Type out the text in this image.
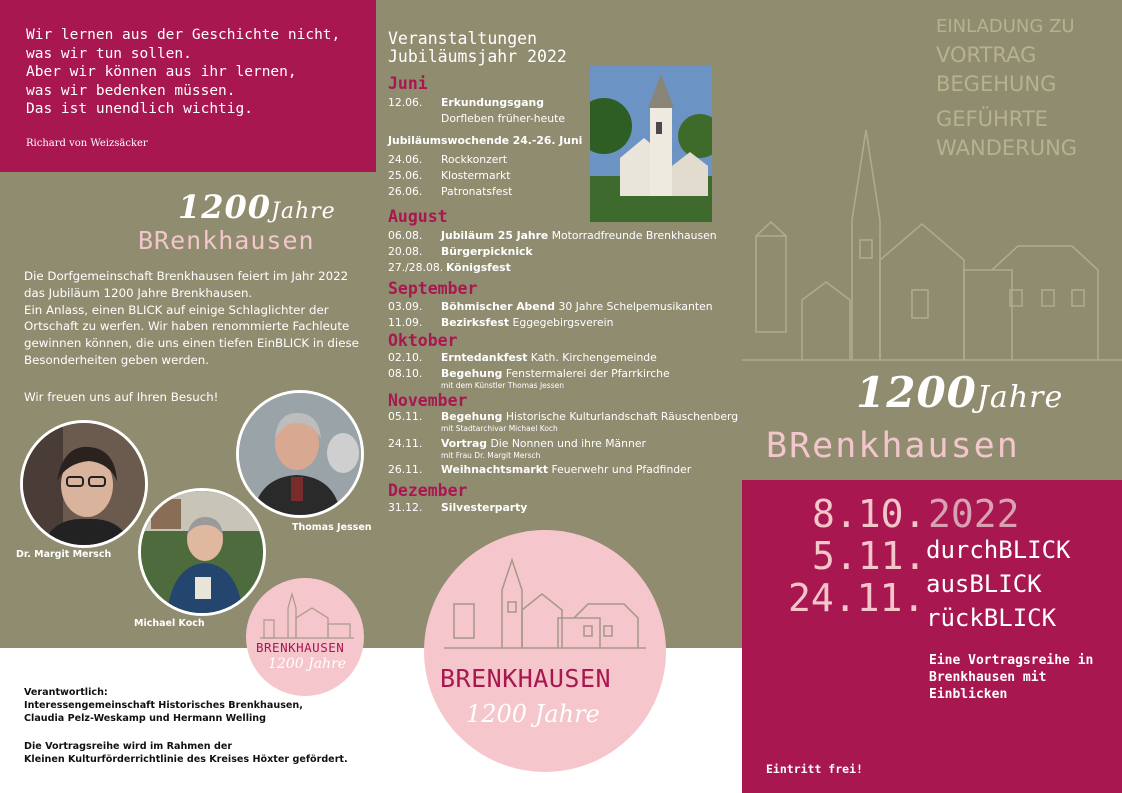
Wir lernen aus der Geschichte nicht,
was wir tun sollen.
Aber wir können aus ihr lernen,
was wir bedenken müssen.
Das ist unendlich wichtig.
Richard von Weizsäcker
1200Jahre
BRenkhausen
Die Dorfgemeinschaft Brenkhausen feiert im Jahr 2022
das Jubiläum 1200 Jahre Brenkhausen.
Ein Anlass, einen BLICK auf einige Schlaglichter der
Ortschaft zu werfen. Wir haben renommierte Fachleute
gewinnen können, die uns einen tiefen EinBLICK in diese
Besonderheiten geben werden.
Wir freuen uns auf Ihren Besuch!
Dr. Margit Mersch
Michael Koch
Thomas Jessen
BRENKHAUSEN
1200 Jahre
Verantwortlich:
Interessengemeinschaft Historisches Brenkhausen,
Claudia Pelz-Weskamp und Hermann Welling
Die Vortragsreihe wird im Rahmen der
Kleinen Kulturförderrichtlinie des Kreises Höxter gefördert.
Veranstaltungen
Jubiläumsjahr 2022
Juni
August
September
Oktober
November
Dezember
12.06. Erkundungsgang
Dorfleben früher-heute
Jubiläumswochende 24.-26. Juni
24.06. Rockkonzert
25.06. Klostermarkt
26.06. Patronatsfest
06.08. Jubiläum 25 Jahre Motorradfreunde Brenkhausen
20.08. Bürgerpicknick
27./28.08. Königsfest
03.09. Böhmischer Abend 30 Jahre Schelpemusikanten
11.09. Bezirksfest Eggegebirgsverein
02.10. Erntedankfest Kath. Kirchengemeinde
08.10. Begehung Fenstermalerei der Pfarrkirche
mit dem Künstler Thomas Jessen
05.11. Begehung Historische Kulturlandschaft Räuschenberg
mit Stadtarchivar Michael Koch
24.11. Vortrag Die Nonnen und ihre Männer
mit Frau Dr. Margit Mersch
26.11. Weihnachtsmarkt Feuerwehr und Pfadfinder
31.12. Silvesterparty
BRENKHAUSEN
1200 Jahre
EINLADUNG ZU
VORTRAG
BEGEHUNG
GEFÜHRTE
WANDERUNG
1200Jahre
BRenkhausen
8.10. 2022
5.11.
24.11.
durchBLICK
ausBLICK
rückBLICK
Eine Vortragsreihe in
Brenkhausen mit
Einblicken
Eintritt frei!
